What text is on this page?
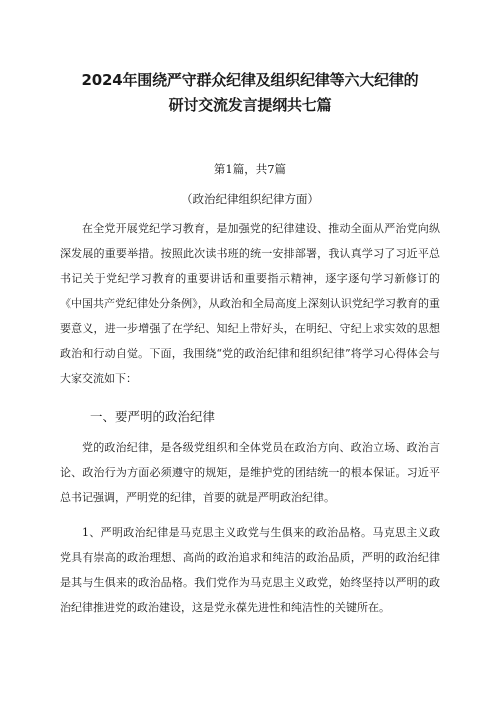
2024年围绕严守群众纪律及组织纪律等六大纪律的
研讨交流发言提纲共七篇
第1篇，共7篇
（政治纪律组织纪律方面）

在全党开展党纪学习教育，是加强党的纪律建设、推动全面从严治党向纵深发展的重要举措。按照此次读书班的统一安排部署，我认真学习了习近平总书记关于党纪学习教育的重要讲话和重要指示精神，逐字逐句学习新修订的《中国共产党纪律处分条例》，从政治和全局高度上深刻认识党纪学习教育的重要意义，进一步增强了在学纪、知纪上带好头，在明纪、守纪上求实效的思想政治和行动自觉。下面，我围绕“党的政治纪律和组织纪律”将学习心得体会与大家交流如下：

一、要严明的政治纪律

党的政治纪律，是各级党组织和全体党员在政治方向、政治立场、政治言论、政治行为方面必须遵守的规矩，是维护党的团结统一的根本保证。习近平总书记强调，严明党的纪律，首要的就是严明政治纪律。

1、严明政治纪律是马克思主义政党与生俱来的政治品格。马克思主义政党具有崇高的政治理想、高尚的政治追求和纯洁的政治品质，严明的政治纪律是其与生俱来的政治品格。我们党作为马克思主义政党，始终坚持以严明的政治纪律推进党的政治建设，这是党永葆先进性和纯洁性的关键所在。
